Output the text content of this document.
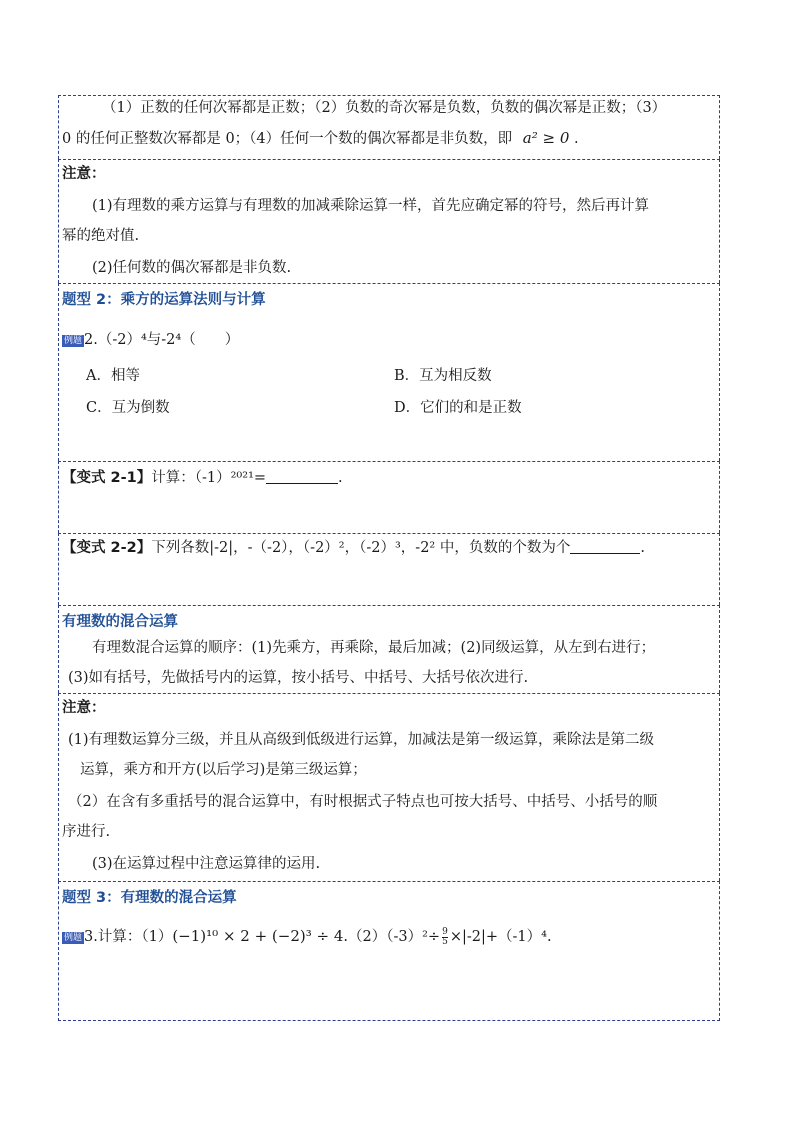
（1）正数的任何次幂都是正数；（2）负数的奇次幂是负数，负数的偶次幂是正数；（3）
0 的任何正整数次幂都是 0；（4）任何一个数的偶次幂都是非负数，即 a² ≥ 0 .
注意：
(1)有理数的乘方运算与有理数的加减乘除运算一样，首先应确定幂的符号，然后再计算
幂的绝对值.
(2)任何数的偶次幂都是非负数.
题型 2：乘方的运算法则与计算
例题 2.（-2）⁴与-2⁴（　　）
A．相等	B．互为相反数
C．互为倒数	D．它们的和是正数
【变式 2-1】计算：（-1）²⁰²¹=	.
【变式 2-2】下列各数|-2|，-（-2），（-2）²，（-2）³，-2² 中，负数的个数为个	.
有理数的混合运算
有理数混合运算的顺序：(1)先乘方，再乘除，最后加减；(2)同级运算，从左到右进行；
(3)如有括号，先做括号内的运算，按小括号、中括号、大括号依次进行.
注意：
(1)有理数运算分三级，并且从高级到低级进行运算，加减法是第一级运算，乘除法是第二级
运算，乘方和开方(以后学习)是第三级运算；
（2）在含有多重括号的混合运算中，有时根据式子特点也可按大括号、中括号、小括号的顺
序进行.
(3)在运算过程中注意运算律的运用.
题型 3：有理数的混合运算
例题 3.计算：$(1)(-1)^{10} \times 2 + (-2)^3 \div 4.(2)(-3)^2\div \frac{9}{5} \times|-2|+(-1)^4$.
